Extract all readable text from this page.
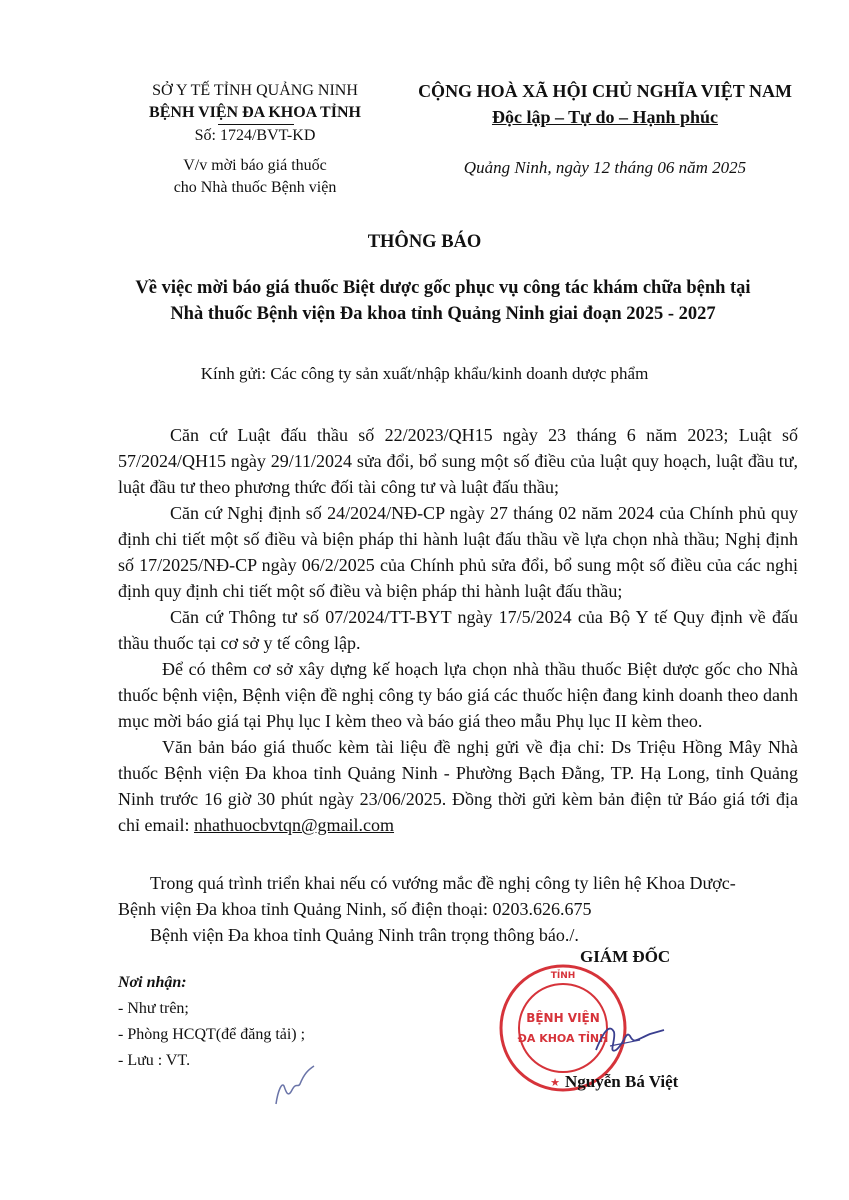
SỞ Y TẾ TỈNH QUẢNG NINH
BỆNH VIỆN ĐA KHOA TỈNH
Số: 1724/BVT-KD
V/v mời báo giá thuốc
cho Nhà thuốc Bệnh viện
CỘNG HOÀ XÃ HỘI CHỦ NGHĨA VIỆT NAM
Độc lập – Tự do – Hạnh phúc
Quảng Ninh, ngày 12 tháng 06 năm 2025
THÔNG BÁO
Về việc mời báo giá thuốc Biệt dược gốc phục vụ công tác khám chữa bệnh tại
Nhà thuốc Bệnh viện Đa khoa tỉnh Quảng Ninh giai đoạn 2025 - 2027
Kính gửi: Các công ty sản xuất/nhập khẩu/kinh doanh dược phẩm

Căn cứ Luật đấu thầu số 22/2023/QH15 ngày 23 tháng 6 năm 2023; Luật số 57/2024/QH15 ngày 29/11/2024 sửa đổi, bổ sung một số điều của luật quy hoạch, luật đầu tư, luật đầu tư theo phương thức đối tài công tư và luật đấu thầu;

Căn cứ Nghị định số 24/2024/NĐ-CP ngày 27 tháng 02 năm 2024 của Chính phủ quy định chi tiết một số điều và biện pháp thi hành luật đấu thầu về lựa chọn nhà thầu; Nghị định số 17/2025/NĐ-CP ngày 06/2/2025 của Chính phủ sửa đổi, bổ sung một số điều của các nghị định quy định chi tiết một số điều và biện pháp thi hành luật đấu thầu;

Căn cứ Thông tư số 07/2024/TT-BYT ngày 17/5/2024 của Bộ Y tế Quy định về đấu thầu thuốc tại cơ sở y tế công lập.

Để có thêm cơ sở xây dựng kế hoạch lựa chọn nhà thầu thuốc Biệt dược gốc cho Nhà thuốc bệnh viện, Bệnh viện đề nghị công ty báo giá các thuốc hiện đang kinh doanh theo danh mục mời báo giá tại Phụ lục I kèm theo và báo giá theo mẫu Phụ lục II kèm theo.

Văn bản báo giá thuốc kèm tài liệu đề nghị gửi về địa chỉ: Ds Triệu Hồng Mây Nhà thuốc Bệnh viện Đa khoa tỉnh Quảng Ninh - Phường Bạch Đằng, TP. Hạ Long, tỉnh Quảng Ninh trước 16 giờ 30 phút ngày 23/06/2025. Đồng thời gửi kèm bản điện tử Báo giá tới địa chỉ email: nhathuocbvtqn@gmail.com

Trong quá trình triển khai nếu có vướng mắc đề nghị công ty liên hệ Khoa Dược-
Bệnh viện Đa khoa tỉnh Quảng Ninh, số điện thoại: 0203.626.675
Bệnh viện Đa khoa tỉnh Quảng Ninh trân trọng thông báo./.
Nơi nhận:
- Như trên;
- Phòng HCQT(để đăng tải) ;
- Lưu : VT.
TỈNH
BỆNH VIỆN
ĐA KHOA TỈNH
★
GIÁM ĐỐC
Nguyễn Bá Việt
